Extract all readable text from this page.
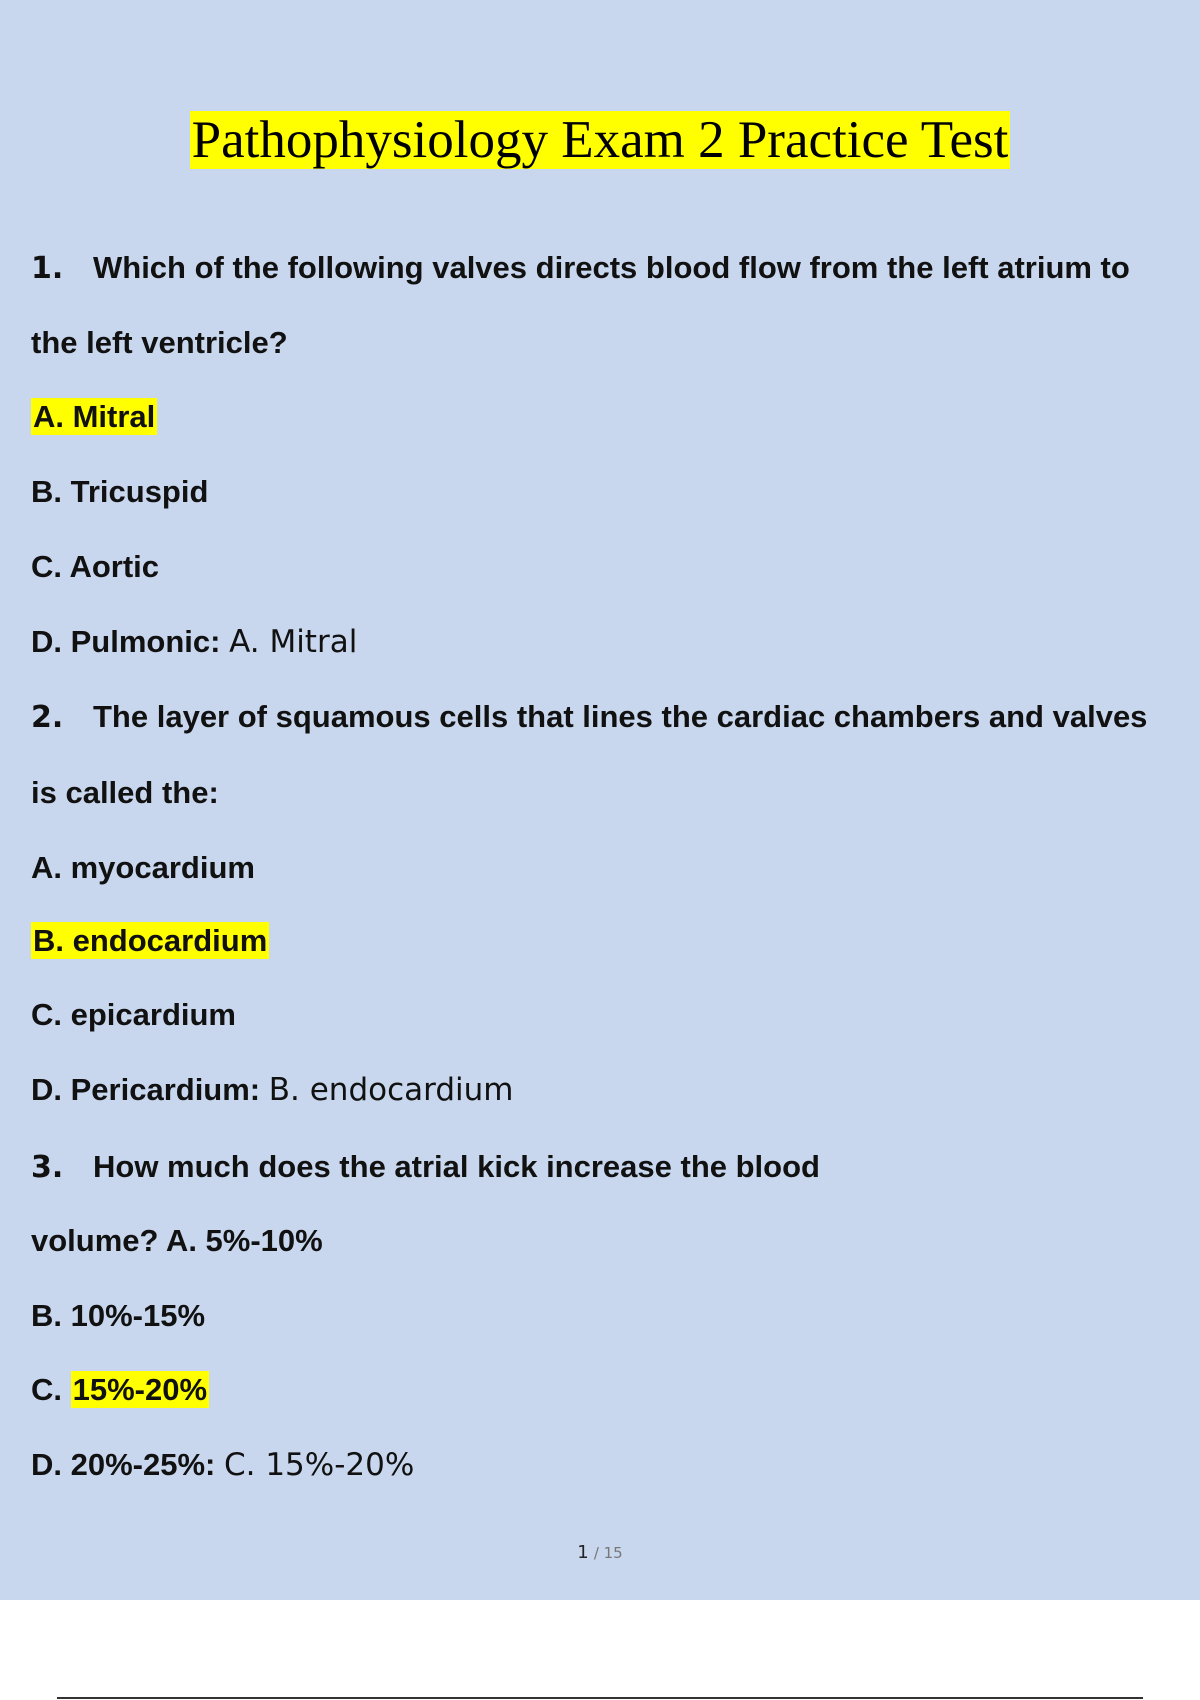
Pathophysiology Exam 2 Practice Test
1. Which of the following valves directs blood flow from the left atrium to
the left ventricle?
A. Mitral
B. Tricuspid
C. Aortic
D. Pulmonic: A. Mitral
2. The layer of squamous cells that lines the cardiac chambers and valves
is called the:
A. myocardium
B. endocardium
C. epicardium
D. Pericardium: B. endocardium
3. How much does the atrial kick increase the blood
volume? A. 5%-10%
B. 10%-15%
C. 15%-20%
D. 20%-25%: C. 15%-20%
1 / 15
